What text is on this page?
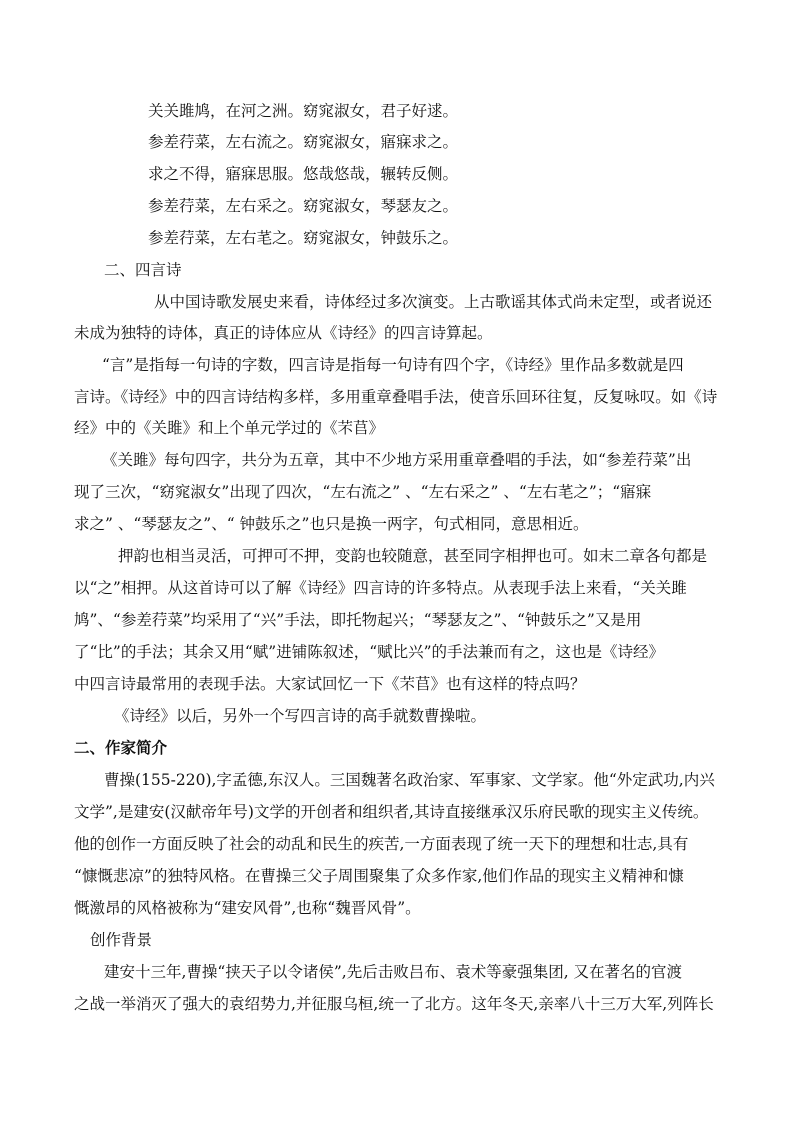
关关雎鸠，在河之洲。窈窕淑女，君子好逑。
参差荇菜，左右流之。窈窕淑女，寤寐求之。
求之不得，寤寐思服。悠哉悠哉，辗转反侧。
参差荇菜，左右采之。窈窕淑女，琴瑟友之。
参差荇菜，左右芼之。窈窕淑女，钟鼓乐之。
二、四言诗
从中国诗歌发展史来看，诗体经过多次演变。上古歌谣其体式尚未定型，或者说还
未成为独特的诗体，真正的诗体应从《诗经》的四言诗算起。
“言”是指每一句诗的字数，四言诗是指每一句诗有四个字，《诗经》里作品多数就是四
言诗。《诗经》中的四言诗结构多样，多用重章叠唱手法，使音乐回环往复，反复咏叹。如《诗
经》中的《关雎》和上个单元学过的《芣苢》
《关雎》每句四字，共分为五章，其中不少地方采用重章叠唱的手法，如“参差荇菜”出
现了三次，“窈窕淑女”出现了四次，“左右流之” 、“左右采之” 、“左右芼之”；“寤寐
求之” 、“琴瑟友之”、“ 钟鼓乐之”也只是换一两字，句式相同，意思相近。
押韵也相当灵活，可押可不押，变韵也较随意，甚至同字相押也可。如末二章各句都是
以“之”相押。从这首诗可以了解《诗经》四言诗的许多特点。从表现手法上来看，“关关雎
鸠”、“参差荇菜”均采用了“兴”手法，即托物起兴；“琴瑟友之”、“钟鼓乐之”又是用
了“比”的手法；其余又用“赋”进铺陈叙述，“赋比兴”的手法兼而有之，这也是《诗经》
中四言诗最常用的表现手法。大家试回忆一下《芣苢》也有这样的特点吗？
《诗经》以后，另外一个写四言诗的高手就数曹操啦。
二、作家简介
曹操(155-220),字孟德,东汉人。三国魏著名政治家、军事家、文学家。他“外定武功,内兴
文学”,是建安(汉献帝年号)文学的开创者和组织者,其诗直接继承汉乐府民歌的现实主义传统。
他的创作一方面反映了社会的动乱和民生的疾苦,一方面表现了统一天下的理想和壮志,具有
“慷慨悲凉”的独特风格。在曹操三父子周围聚集了众多作家,他们作品的现实主义精神和慷
慨激昂的风格被称为“建安风骨”,也称“魏晋风骨”。
创作背景
建安十三年,曹操“挟天子以令诸侯”,先后击败吕布、袁术等豪强集团, 又在著名的官渡
之战一举消灭了强大的袁绍势力,并征服乌桓,统一了北方。这年冬天,亲率八十三万大军,列阵长
